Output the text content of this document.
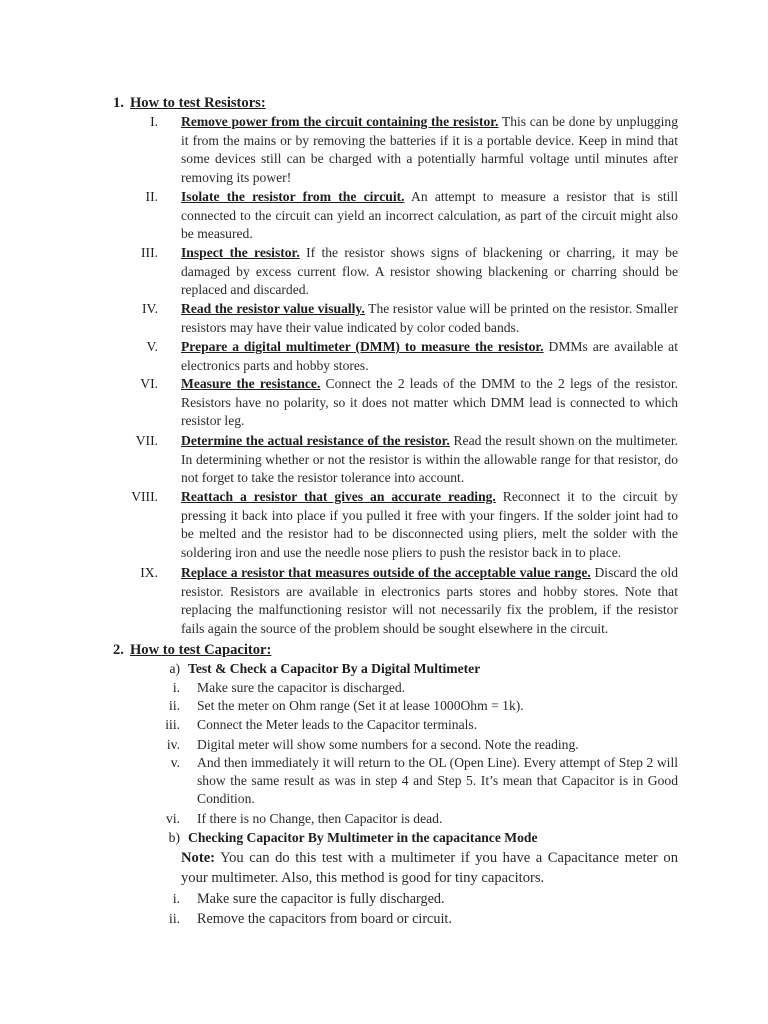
1. How to test Resistors:
I. Remove power from the circuit containing the resistor. This can be done by unplugging it from the mains or by removing the batteries if it is a portable device. Keep in mind that some devices still can be charged with a potentially harmful voltage until minutes after removing its power!
II. Isolate the resistor from the circuit. An attempt to measure a resistor that is still connected to the circuit can yield an incorrect calculation, as part of the circuit might also be measured.
III. Inspect the resistor. If the resistor shows signs of blackening or charring, it may be damaged by excess current flow. A resistor showing blackening or charring should be replaced and discarded.
IV. Read the resistor value visually. The resistor value will be printed on the resistor. Smaller resistors may have their value indicated by color coded bands.
V. Prepare a digital multimeter (DMM) to measure the resistor. DMMs are available at electronics parts and hobby stores.
VI. Measure the resistance. Connect the 2 leads of the DMM to the 2 legs of the resistor. Resistors have no polarity, so it does not matter which DMM lead is connected to which resistor leg.
VII. Determine the actual resistance of the resistor. Read the result shown on the multimeter. In determining whether or not the resistor is within the allowable range for that resistor, do not forget to take the resistor tolerance into account.
VIII. Reattach a resistor that gives an accurate reading. Reconnect it to the circuit by pressing it back into place if you pulled it free with your fingers. If the solder joint had to be melted and the resistor had to be disconnected using pliers, melt the solder with the soldering iron and use the needle nose pliers to push the resistor back in to place.
IX. Replace a resistor that measures outside of the acceptable value range. Discard the old resistor. Resistors are available in electronics parts stores and hobby stores. Note that replacing the malfunctioning resistor will not necessarily fix the problem, if the resistor fails again the source of the problem should be sought elsewhere in the circuit.
2. How to test Capacitor:
a) Test & Check a Capacitor By a Digital Multimeter
i. Make sure the capacitor is discharged.
ii. Set the meter on Ohm range (Set it at lease 1000Ohm = 1k).
iii. Connect the Meter leads to the Capacitor terminals.
iv. Digital meter will show some numbers for a second. Note the reading.
v. And then immediately it will return to the OL (Open Line). Every attempt of Step 2 will show the same result as was in step 4 and Step 5. It’s mean that Capacitor is in Good Condition.
vi. If there is no Change, then Capacitor is dead.
b) Checking Capacitor By Multimeter in the capacitance Mode
Note: You can do this test with a multimeter if you have a Capacitance meter on your multimeter. Also, this method is good for tiny capacitors.
i. Make sure the capacitor is fully discharged.
ii. Remove the capacitors from board or circuit.
